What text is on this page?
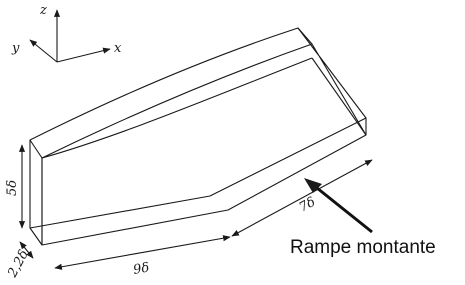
z
y	x
5δ
2,2δ	9δ
7δ
Rampe montante
